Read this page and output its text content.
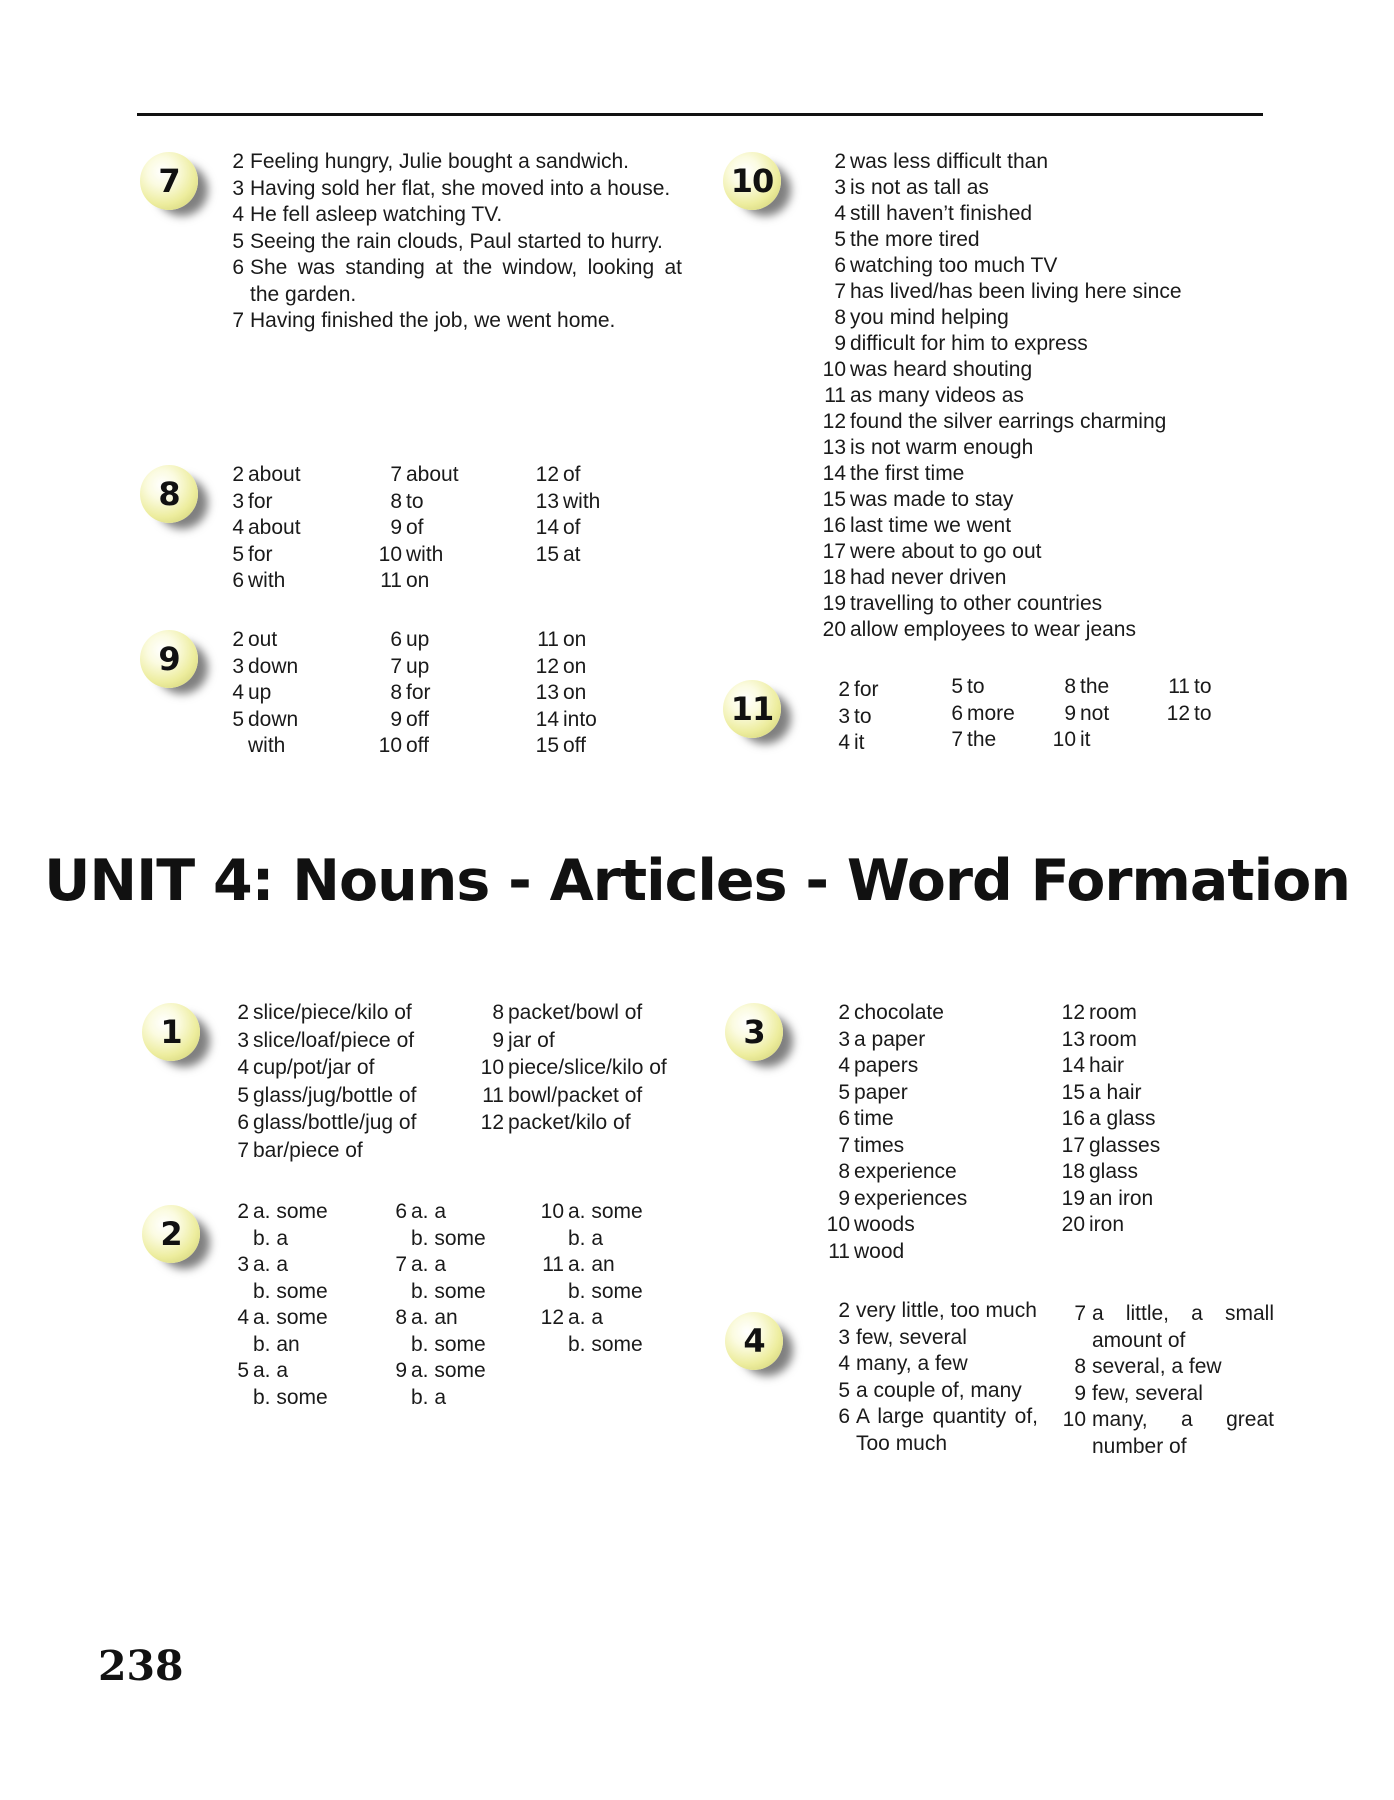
7
2 Feeling hungry, Julie bought a sandwich.
3 Having sold her flat, she moved into a house.
4 He fell asleep watching TV.
5 Seeing the rain clouds, Paul started to hurry.
6 She was standing at the window, looking at the garden.
7 Having finished the job, we went home.
8
2 about
3 for
4 about
5 for
6 with
7 about
8 to
9 of
10 with
11 on
12 of
13 with
14 of
15 at
9
2 out
3 down
4 up
5 down
with
6 up
7 up
8 for
9 off
10 off
11 on
12 on
13 on
14 into
15 off
10
2 was less difficult than
3 is not as tall as
4 still haven’t finished
5 the more tired
6 watching too much TV
7 has lived/has been living here since
8 you mind helping
9 difficult for him to express
10 was heard shouting
11 as many videos as
12 found the silver earrings charming
13 is not warm enough
14 the first time
15 was made to stay
16 last time we went
17 were about to go out
18 had never driven
19 travelling to other countries
20 allow employees to wear jeans
11
2 for
3 to
4 it
5 to
6 more
7 the
8 the
9 not
10 it
11 to
12 to
UNIT 4: Nouns - Articles - Word Formation
1
2 slice/piece/kilo of
3 slice/loaf/piece of
4 cup/pot/jar of
5 glass/jug/bottle of
6 glass/bottle/jug of
7 bar/piece of
8 packet/bowl of
9 jar of
10 piece/slice/kilo of
11 bowl/packet of
12 packet/kilo of
2
2 a. some
b. a
3 a. a
b. some
4 a. some
b. an
5 a. a
b. some
6 a. a
b. some
7 a. a
b. some
8 a. an
b. some
9 a. some
b. a
10 a. some
b. a
11 a. an
b. some
12 a. a
b. some
3
2 chocolate
3 a paper
4 papers
5 paper
6 time
7 times
8 experience
9 experiences
10 woods
11 wood
12 room
13 room
14 hair
15 a hair
16 a glass
17 glasses
18 glass
19 an iron
20 iron
4
2 very little, too much
3 few, several
4 many, a few
5 a couple of, many
6 A large quantity of, Too much
7 a little, a small amount of
8 several, a few
9 few, several
10 many, a great number of
238
